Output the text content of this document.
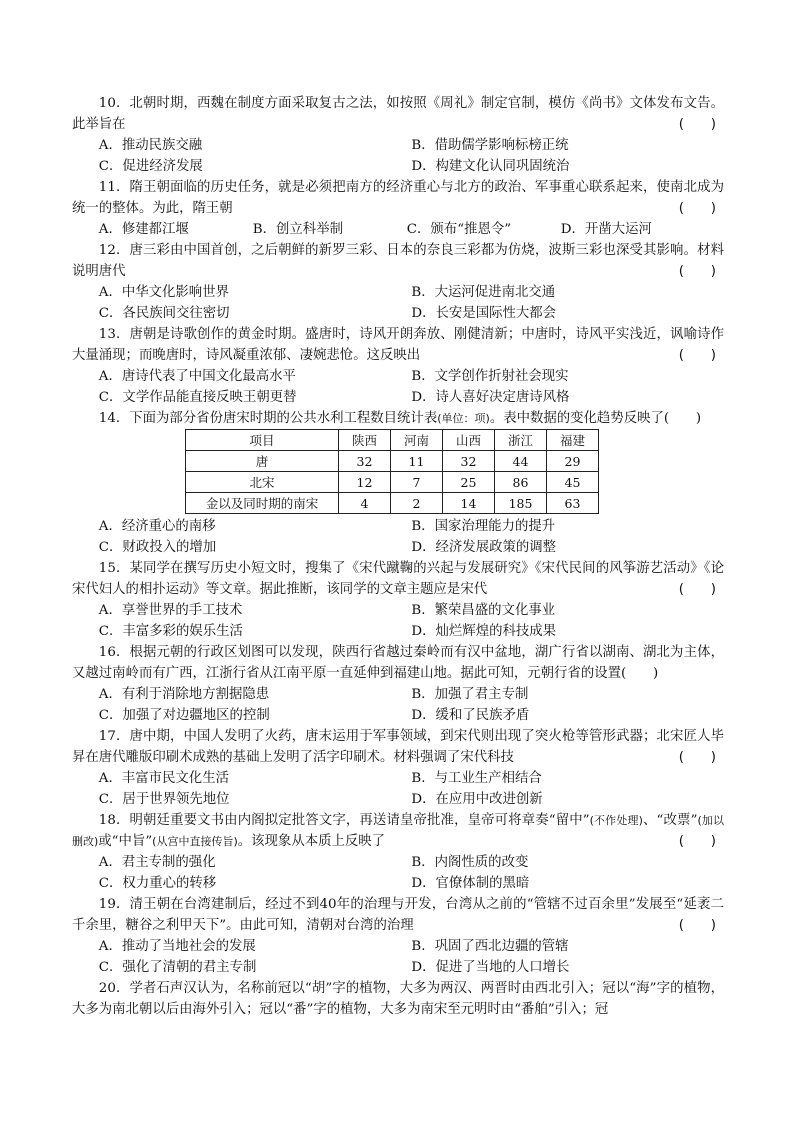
10．北朝时期，西魏在制度方面采取复古之法，如按照《周礼》制定官制，模仿《尚书》文体发布文告。此举旨在	(　　)
A．推动民族交融	B．借助儒学影响标榜正统
C．促进经济发展	D．构建文化认同巩固统治
11．隋王朝面临的历史任务，就是必须把南方的经济重心与北方的政治、军事重心联系起来，使南北成为统一的整体。为此，隋王朝	(　　)
A．修建都江堰	B．创立科举制	C．颁布“推恩令”	D．开凿大运河
12．唐三彩由中国首创，之后朝鲜的新罗三彩、日本的奈良三彩都为仿烧，波斯三彩也深受其影响。材料说明唐代	(　　)
A．中华文化影响世界	B．大运河促进南北交通
C．各民族间交往密切	D．长安是国际性大都会
13．唐朝是诗歌创作的黄金时期。盛唐时，诗风开朗奔放、刚健清新；中唐时，诗风平实浅近，讽喻诗作大量涌现；而晚唐时，诗风凝重浓郁、凄婉悲怆。这反映出	(　　)
A．唐诗代表了中国文化最高水平	B．文学创作折射社会现实
C．文学作品能直接反映王朝更替	D．诗人喜好决定唐诗风格
14．下面为部分省份唐宋时期的公共水利工程数目统计表(单位：项)。表中数据的变化趋势反映了(　　)
项目	陕西	河南	山西	浙江	福建
唐	32	11	32	44	29
北宋	12	7	25	86	45
金以及同时期的南宋	4	2	14	185	63
A．经济重心的南移	B．国家治理能力的提升
C．财政投入的增加	D．经济发展政策的调整
15．某同学在撰写历史小短文时，搜集了《宋代蹴鞠的兴起与发展研究》《宋代民间的风筝游艺活动》《论宋代妇人的相扑运动》等文章。据此推断，该同学的文章主题应是宋代	(　　)
A．享誉世界的手工技术	B．繁荣昌盛的文化事业
C．丰富多彩的娱乐生活	D．灿烂辉煌的科技成果
16．根据元朝的行政区划图可以发现，陕西行省越过秦岭而有汉中盆地，湖广行省以湖南、湖北为主体，又越过南岭而有广西，江浙行省从江南平原一直延伸到福建山地。据此可知，元朝行省的设置(　　)
A．有利于消除地方割据隐患	B．加强了君主专制
C．加强了对边疆地区的控制	D．缓和了民族矛盾
17．唐中期，中国人发明了火药，唐末运用于军事领域，到宋代则出现了突火枪等管形武器；北宋匠人毕昇在唐代雕版印刷术成熟的基础上发明了活字印刷术。材料强调了宋代科技	(　　)
A．丰富市民文化生活	B．与工业生产相结合
C．居于世界领先地位	D．在应用中改进创新
18．明朝廷重要文书由内阁拟定批答文字，再送请皇帝批准，皇帝可将章奏“留中”(不作处理)、“改票”(加以删改)或“中旨”(从宫中直接传旨)。该现象从本质上反映了	(　　)
A．君主专制的强化	B．内阁性质的改变
C．权力重心的转移	D．官僚体制的黑暗
19．清王朝在台湾建制后，经过不到40年的治理与开发，台湾从之前的“管辖不过百余里”发展至“延袤二千余里，糖谷之利甲天下”。由此可知，清朝对台湾的治理	(　　)
A．推动了当地社会的发展	B．巩固了西北边疆的管辖
C．强化了清朝的君主专制	D．促进了当地的人口增长
20．学者石声汉认为，名称前冠以“胡”字的植物，大多为两汉、两晋时由西北引入；冠以“海”字的植物，大多为南北朝以后由海外引入；冠以“番”字的植物，大多为南宋至元明时由“番舶”引入；冠
